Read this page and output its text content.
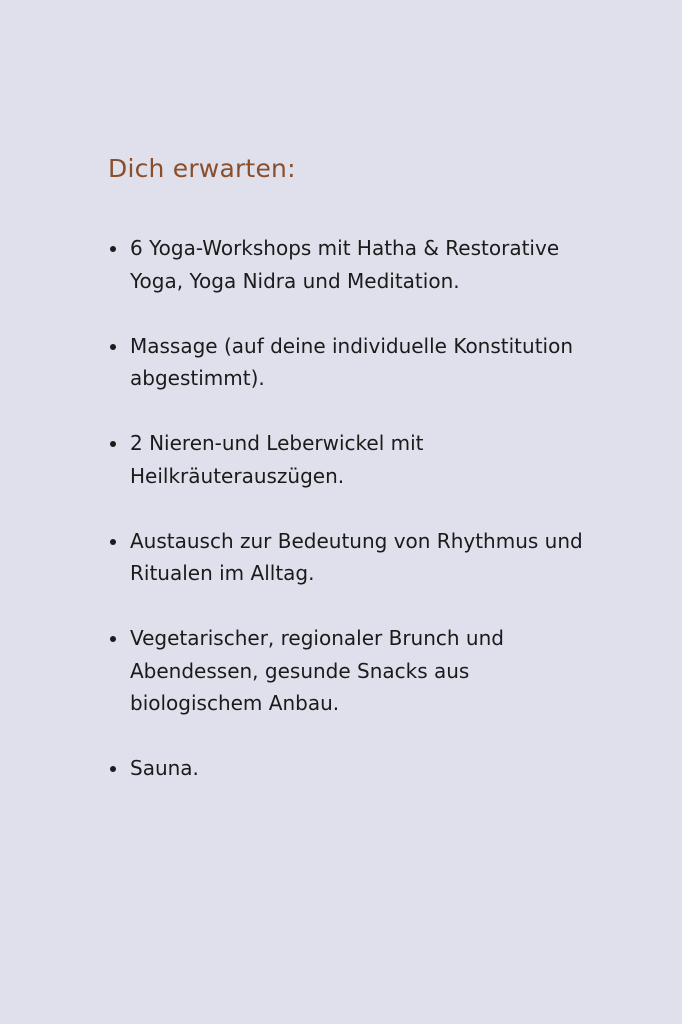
Dich erwarten:
6 Yoga-Workshops mit Hatha & Restorative Yoga, Yoga Nidra und Meditation.
Massage (auf deine individuelle Konstitution abgestimmt).
2 Nieren-und Leberwickel mit Heilkräuterauszügen.
Austausch zur Bedeutung von Rhythmus und Ritualen im Alltag.
Vegetarischer, regionaler Brunch und Abendessen, gesunde Snacks aus biologischem Anbau.
Sauna.
